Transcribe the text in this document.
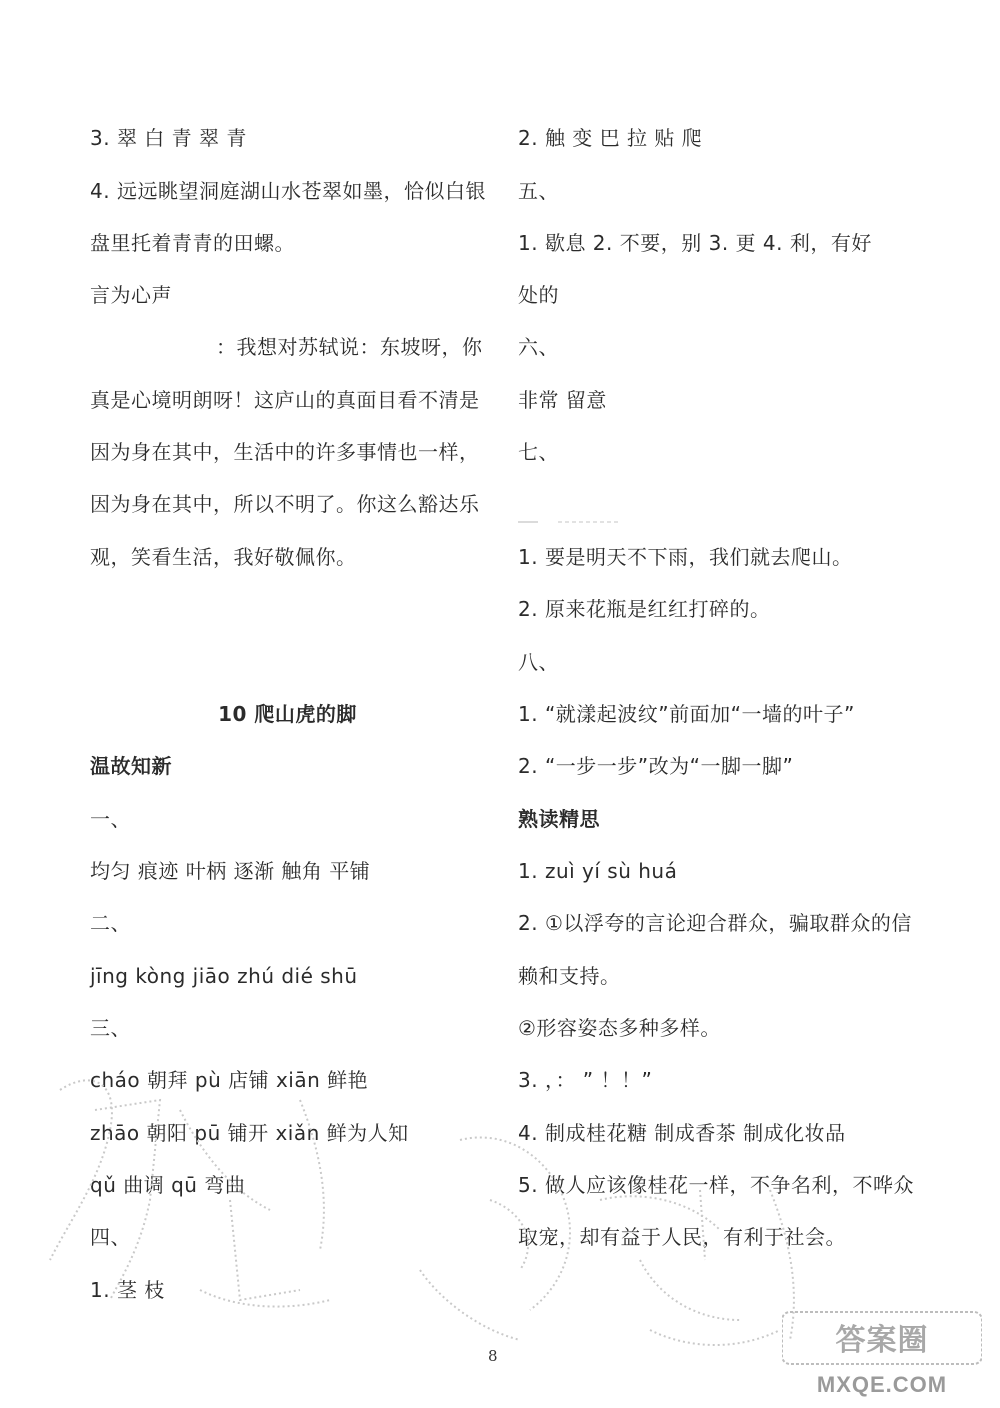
3. 翠 白 青 翠 青
4. 远远眺望洞庭湖山水苍翠如墨，恰似白银
盘里托着青青的田螺。
言为心声
：我想对苏轼说：东坡呀，你
真是心境明朗呀！这庐山的真面目看不清是
因为身在其中，生活中的许多事情也一样，
因为身在其中，所以不明了。你这么豁达乐
观，笑看生活，我好敬佩你。
10 爬山虎的脚
温故知新
一、
均匀 痕迹 叶柄 逐渐 触角 平铺
二、
jīng kòng jiāo zhú dié shū
三、
cháo 朝拜 pù 店铺 xiān 鲜艳
zhāo 朝阳 pū 铺开 xiǎn 鲜为人知
qǔ 曲调 qū 弯曲
四、
1. 茎 枝
2. 触 变 巴 拉 贴 爬
五、
1. 歇息 2. 不要，别 3. 更 4. 利，有好
处的
六、
非常 留意
七、
1. 要是明天不下雨，我们就去爬山。
2. 原来花瓶是红红打碎的。
八、
1. “就漾起波纹”前面加“一墙的叶子”
2. “一步一步”改为“一脚一脚”
熟读精思
1. zuì yí sù huá
2. ①以浮夸的言论迎合群众，骗取群众的信
赖和支持。
②形容姿态多种多样。
3. ，： ” ！！”
4. 制成桂花糖 制成香茶 制成化妆品
5. 做人应该像桂花一样，不争名利，不哗众
取宠，却有益于人民，有利于社会。
8	答案圈
MXQE.COM
